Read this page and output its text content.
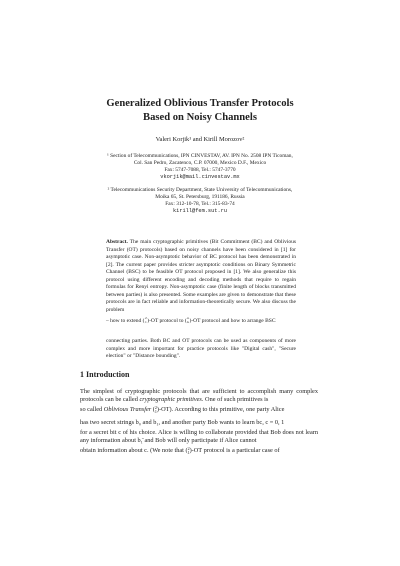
Generalized Oblivious Transfer Protocols
Based on Noisy Channels
Valeri Korjik¹ and Kirill Morozov²
¹ Section of Telecommunications, IPN CINVESTAV, AV. IPN No. 2508 IPN Ticoman,
Col. San Pedro, Zacatenco, C.P. 07000, Mexico D.F., Mexico
Fax: 5747-7088, Tel.: 5747-3770
vkorjik@mail.cinvestav.mx
² Telecommunications Security Department, State University of Telecommunications,
Moika 65, St. Petersburg, 191186, Russia
Fax: 312-10-78, Tel.: 315-83-74
kirill@fem.sut.ru

Abstract. The main cryptographic primitives (Bit Commitment (BC) and Oblivious Transfer (OT) protocols) based on noisy channels have been considered in [1] for asymptotic case. Non-asymptotic behavior of BC protocol has been demonstrated in [2]. The current paper provides stricter asymptotic conditions on Binary Symmetric Channel (BSC) to be feasible OT protocol proposed in [1]. We also generalize this protocol using different encoding and decoding methods that require to regain formulas for Renyi entropy. Non-asymptotic case (finite length of blocks transmitted between parties) is also presented. Some examples are given to demonstrate that these protocols are in fact reliable and information-theoretically secure. We also discuss the problem

– how to extend ( 2
1 )-OT protocol to ( n
k )-OT protocol and how to arrange BSC

connecting parties. Both BC and OT protocols can be used as components of more complex and more important for practice protocols like "Digital cash", "Secure election" or "Distance bounding".

1 Introduction

The simplest of cryptographic protocols that are sufficient to accomplish many complex protocols can be called cryptographic primitives. One of such primitives is

so called Oblivious Transfer ( 2
1 )-OT). According to this primitive, one party Alice

has two secret strings b₀ and b₁, and another party Bob wants to learn bc, c = 0, 1

for a secret bit c of his choice. Alice is willing to collaborate provided that Bob does not learn any information about b₁̄ and Bob will only participate if Alice cannot

obtain information about c. (We note that ( 2
1 )-OT protocol is a particular case of
